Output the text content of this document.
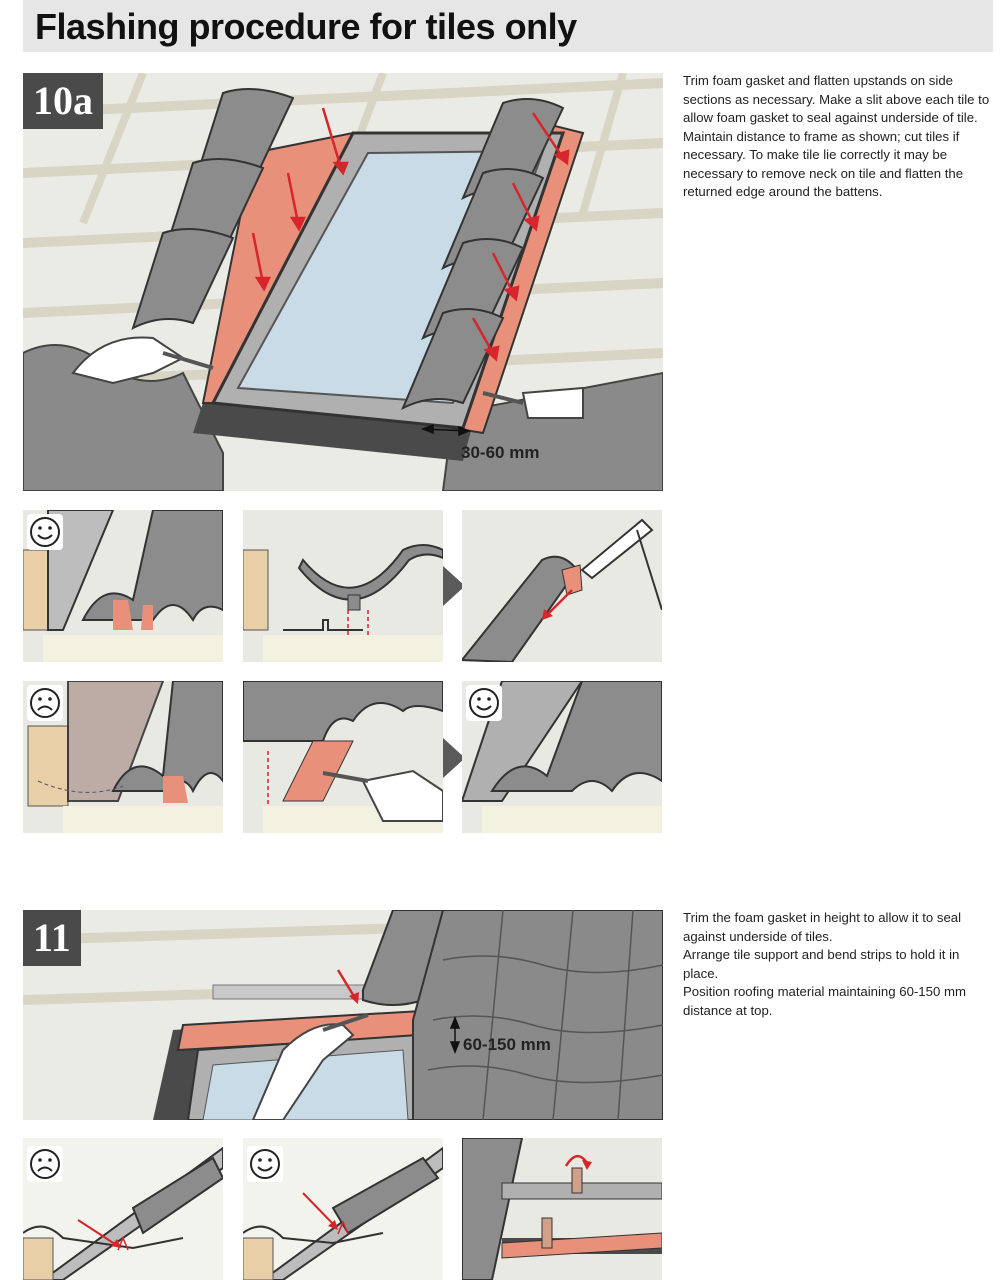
Flashing procedure for tiles only
10a
30-60 mm

Trim foam gasket and flatten upstands on side sections as necessary. Make a slit above each tile to allow foam gasket to seal against underside of tile. Maintain distance to frame as shown; cut tiles if necessary. To make tile lie correctly it may be necessary to remove neck on tile and flatten the returned edge around the battens.

11
60-150 mm

Trim the foam gasket in height to allow it to seal against underside of tiles.

Arrange tile support and bend strips to hold it in place.

Position roofing material maintaining 60-150 mm distance at top.
